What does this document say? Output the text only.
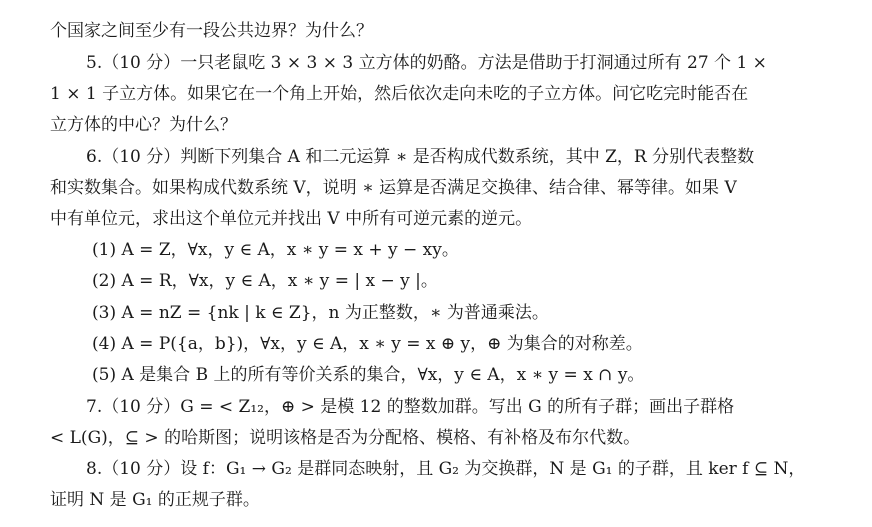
个国家之间至少有一段公共边界？为什么？
5.（10 分）一只老鼠吃 3 × 3 × 3 立方体的奶酪。方法是借助于打洞通过所有 27 个 1 ×
1 × 1 子立方体。如果它在一个角上开始，然后依次走向未吃的子立方体。问它吃完时能否在
立方体的中心？为什么？
6.（10 分）判断下列集合 A 和二元运算 ∗ 是否构成代数系统，其中 Z，R 分别代表整数
和实数集合。如果构成代数系统 V，说明 ∗ 运算是否满足交换律、结合律、幂等律。如果 V
中有单位元，求出这个单位元并找出 V 中所有可逆元素的逆元。
(1) A = Z，∀x，y ∈ A，x ∗ y = x + y − xy。
(2) A = R，∀x，y ∈ A，x ∗ y = | x − y |。
(3) A = nZ = {nk | k ∈ Z}，n 为正整数，∗ 为普通乘法。
(4) A = P({a，b})，∀x，y ∈ A，x ∗ y = x ⊕ y，⊕ 为集合的对称差。
(5) A 是集合 B 上的所有等价关系的集合，∀x，y ∈ A，x ∗ y = x ∩ y。
7.（10 分）G = < Z₁₂，⊕ > 是模 12 的整数加群。写出 G 的所有子群；画出子群格
< L(G)，⊆ > 的哈斯图；说明该格是否为分配格、模格、有补格及布尔代数。
8.（10 分）设 f：G₁ → G₂ 是群同态映射，且 G₂ 为交换群，N 是 G₁ 的子群，且 ker f ⊆ N，
证明 N 是 G₁ 的正规子群。
